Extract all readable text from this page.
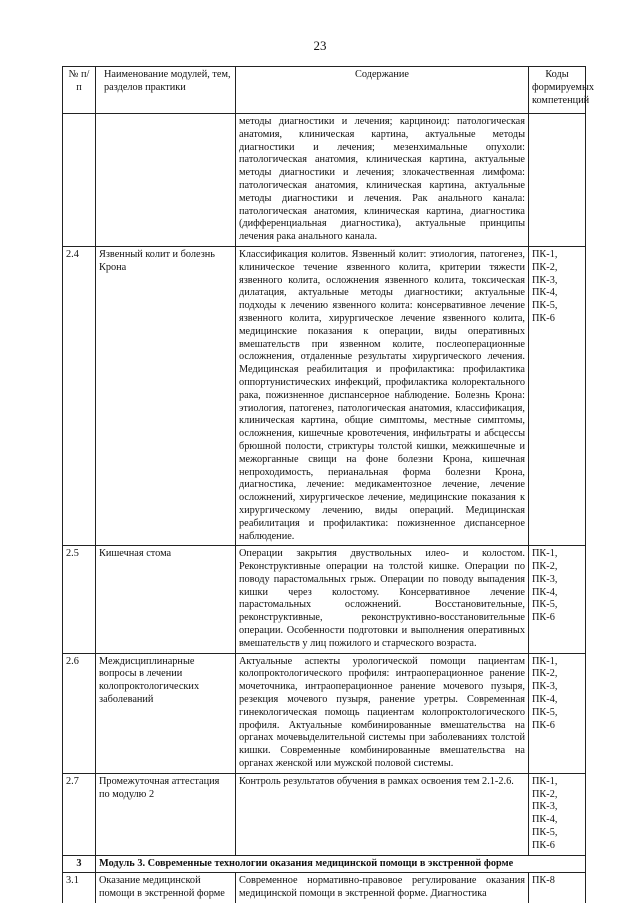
23
№ п/п	Наименование модулей, тем, разделов практики	Содержание	Коды формируемых компетенций
		методы диагностики и лечения; карциноид: патологическая анатомия, клиническая картина, актуальные методы диагностики и лечения; мезенхимальные опухоли: патологическая анатомия, клиническая картина, актуальные методы диагностики и лечения; злокачественная лимфома: патологическая анатомия, клиническая картина, актуальные методы диагностики и лечения. Рак анального канала: патологическая анатомия, клиническая картина, диагностика (дифференциальная диагностика), актуальные принципы лечения рака анального канала.	
2.4	Язвенный колит и болезнь Крона	Классификация колитов. Язвенный колит: этиология, патогенез, клиническое течение язвенного колита, критерии тяжести язвенного колита, осложнения язвенного колита, токсическая дилатация, актуальные методы диагностики; актуальные подходы к лечению язвенного колита: консервативное лечение язвенного колита, хирургическое лечение язвенного колита, медицинские показания к операции, виды оперативных вмешательств при язвенном колите, послеоперационные осложнения, отдаленные результаты хирургического лечения. Медицинская реабилитация и профилактика: профилактика оппортунистических инфекций, профилактика колоректального рака, пожизненное диспансерное наблюдение. Болезнь Крона: этиология, патогенез, патологическая анатомия, классификация, клиническая картина, общие симптомы, местные симптомы, осложнения, кишечные кровотечения, инфильтраты и абсцессы брюшной полости, стриктуры толстой кишки, межкишечные и межорганные свищи на фоне болезни Крона, кишечная непроходимость, перианальная форма болезни Крона, диагностика, лечение: медикаментозное лечение, лечение осложнений, хирургическое лечение, медицинские показания к хирургическому лечению, виды операций. Медицинская реабилитация и профилактика: пожизненное диспансерное наблюдение.	ПК-1, ПК-2, ПК-3, ПК-4, ПК-5, ПК-6
2.5	Кишечная стома	Операции закрытия двуствольных илео- и колостом. Реконструктивные операции на толстой кишке. Операции по поводу парастомальных грыж. Операции по поводу выпадения кишки через колостому. Консервативное лечение парастомальных осложнений. Восстановительные, реконструктивные, реконструктивно-восстановительные операции. Особенности подготовки и выполнения оперативных вмешательств у лиц пожилого и старческого возраста.	ПК-1, ПК-2, ПК-3, ПК-4, ПК-5, ПК-6
2.6	Междисциплинарные вопросы в лечении колопроктологических заболеваний	Актуальные аспекты урологической помощи пациентам колопроктологического профиля: интраоперационное ранение мочеточника, интраоперационное ранение мочевого пузыря, резекция мочевого пузыря, ранение уретры. Современная гинекологическая помощь пациентам колопроктологического профиля. Актуальные комбинированные вмешательства на органах мочевыделительной системы при заболеваниях толстой кишки. Современные комбинированные вмешательства на органах женской или мужской половой системы.	ПК-1, ПК-2, ПК-3, ПК-4, ПК-5, ПК-6
2.7	Промежуточная аттестация по модулю 2	Контроль результатов обучения в рамках освоения тем 2.1-2.6.	ПК-1, ПК-2, ПК-3, ПК-4, ПК-5, ПК-6
3	Модуль 3. Современные технологии оказания медицинской помощи в экстренной форме		
3.1	Оказание медицинской помощи в экстренной форме	Современное нормативно-правовое регулирование оказания медицинской помощи в экстренной форме. Диагностика	ПК-8
